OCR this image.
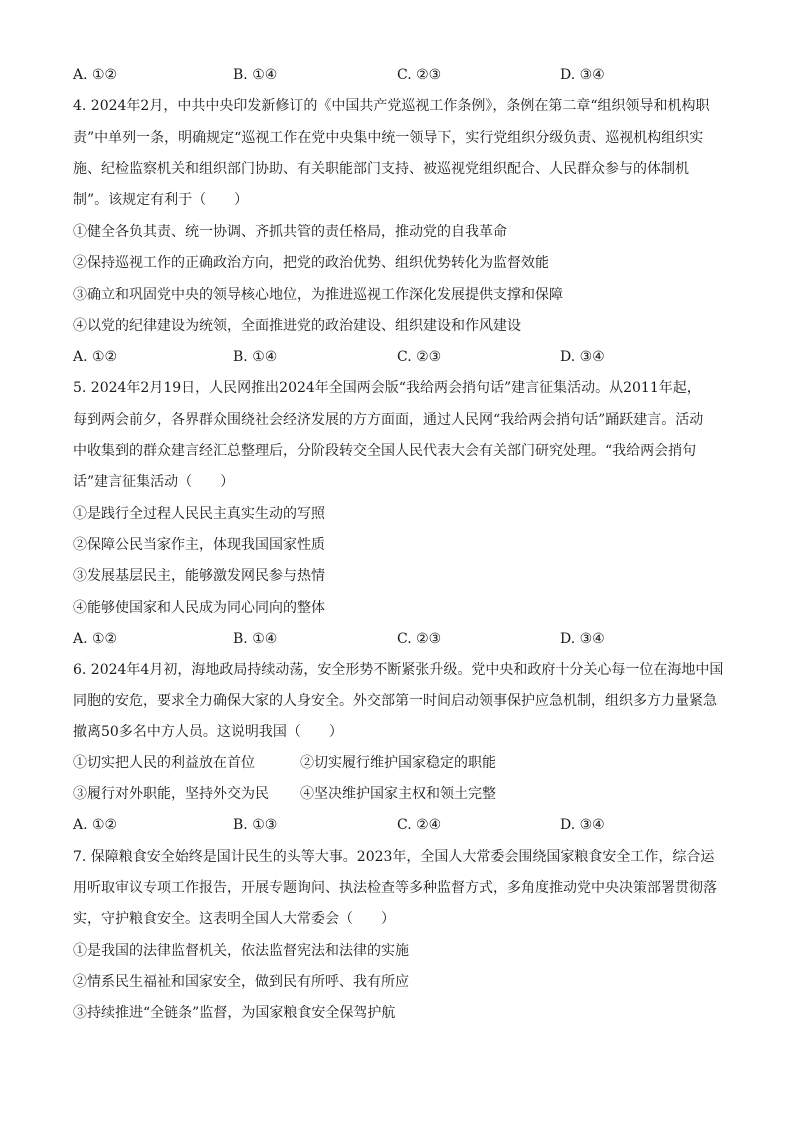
A. ①②	B. ①④	C. ②③	D. ③④
4. 2024年2月，中共中央印发新修订的《中国共产党巡视工作条例》，条例在第二章“组织领导和机构职
责”中单列一条，明确规定“巡视工作在党中央集中统一领导下，实行党组织分级负责、巡视机构组织实
施、纪检监察机关和组织部门协助、有关职能部门支持、被巡视党组织配合、人民群众参与的体制机
制”。该规定有利于（　　）
①健全各负其责、统一协调、齐抓共管的责任格局，推动党的自我革命
②保持巡视工作的正确政治方向，把党的政治优势、组织优势转化为监督效能
③确立和巩固党中央的领导核心地位，为推进巡视工作深化发展提供支撑和保障
④以党的纪律建设为统领，全面推进党的政治建设、组织建设和作风建设
A. ①②	B. ①④	C. ②③	D. ③④
5. 2024年2月19日，人民网推出2024年全国两会版“我给两会捎句话”建言征集活动。从2011年起，
每到两会前夕，各界群众围绕社会经济发展的方方面面，通过人民网“我给两会捎句话”踊跃建言。活动
中收集到的群众建言经汇总整理后，分阶段转交全国人民代表大会有关部门研究处理。“我给两会捎句
话”建言征集活动（　　）
①是践行全过程人民民主真实生动的写照
②保障公民当家作主，体现我国国家性质
③发展基层民主，能够激发网民参与热情
④能够使国家和人民成为同心同向的整体
A. ①②	B. ①④	C. ②③	D. ③④
6. 2024年4月初，海地政局持续动荡，安全形势不断紧张升级。党中央和政府十分关心每一位在海地中国
同胞的安危，要求全力确保大家的人身安全。外交部第一时间启动领事保护应急机制，组织多方力量紧急
撤离50多名中方人员。这说明我国（　　）
①切实把人民的利益放在首位	②切实履行维护国家稳定的职能
③履行对外职能，坚持外交为民 ④坚决维护国家主权和领土完整
A. ①②	B. ①③	C. ②④	D. ③④
7. 保障粮食安全始终是国计民生的头等大事。2023年，全国人大常委会围绕国家粮食安全工作，综合运
用听取审议专项工作报告，开展专题询问、执法检查等多种监督方式，多角度推动党中央决策部署贯彻落
实，守护粮食安全。这表明全国人大常委会（　　）
①是我国的法律监督机关，依法监督宪法和法律的实施
②情系民生福祉和国家安全，做到民有所呼、我有所应
③持续推进“全链条”监督，为国家粮食安全保驾护航
